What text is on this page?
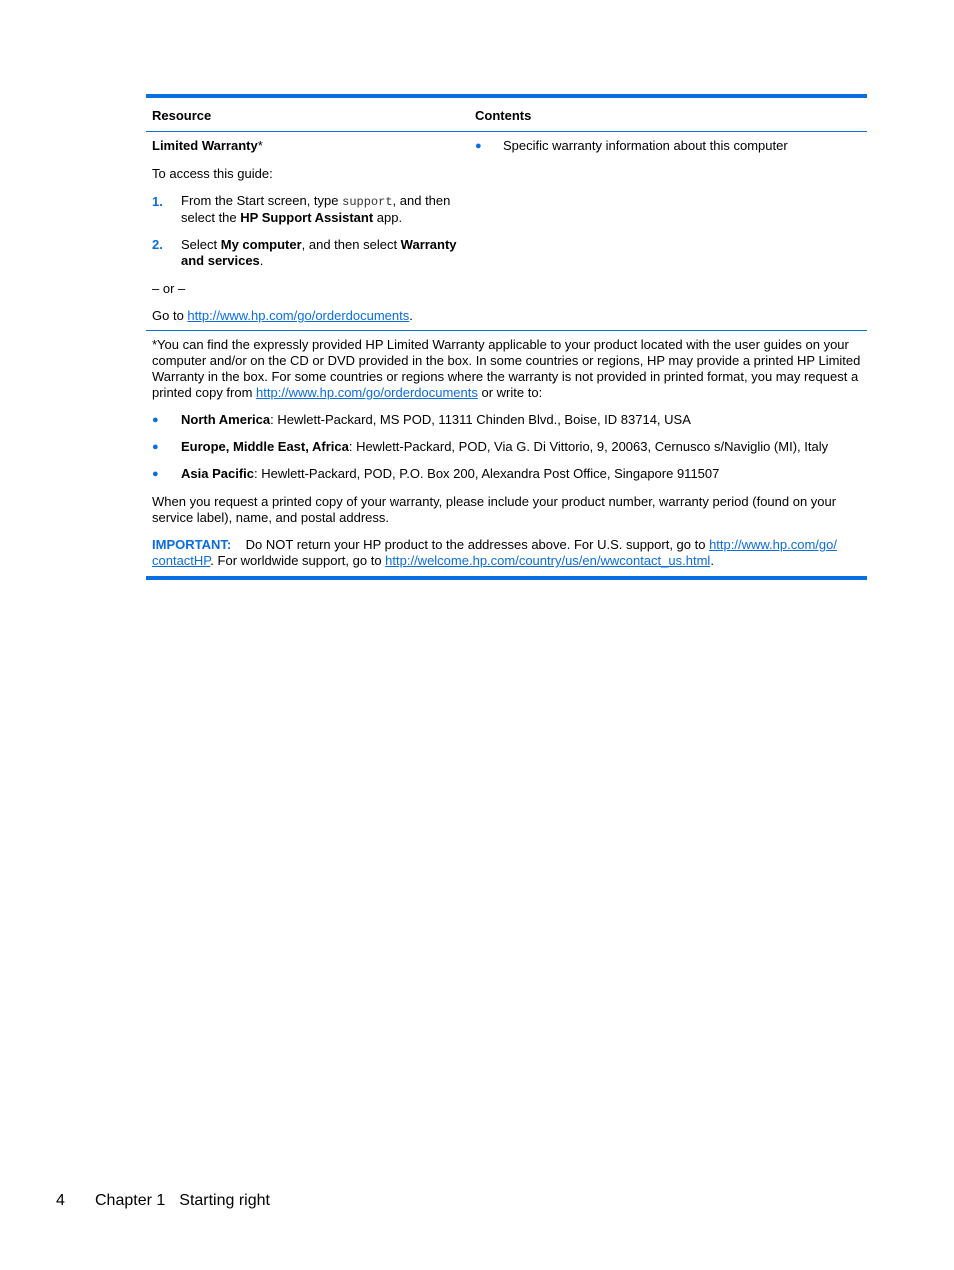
Resource	Contents

Limited Warranty*

To access this guide:

1. From the Start screen, type support, and then

select the HP Support Assistant app.

2. Select My computer, and then select Warranty

and services.

– or –

Go to http://www.hp.com/go/orderdocuments.

● Specific warranty information about this computer

*You can find the expressly provided HP Limited Warranty applicable to your product located with the user guides on your

computer and/or on the CD or DVD provided in the box. In some countries or regions, HP may provide a printed HP Limited

Warranty in the box. For some countries or regions where the warranty is not provided in printed format, you may request a

printed copy from http://www.hp.com/go/orderdocuments or write to:

● North America: Hewlett-Packard, MS POD, 11311 Chinden Blvd., Boise, ID 83714, USA

● Europe, Middle East, Africa: Hewlett-Packard, POD, Via G. Di Vittorio, 9, 20063, Cernusco s/Naviglio (MI), Italy

● Asia Pacific: Hewlett-Packard, POD, P.O. Box 200, Alexandra Post Office, Singapore 911507

When you request a printed copy of your warranty, please include your product number, warranty period (found on your

service label), name, and postal address.

IMPORTANT: Do NOT return your HP product to the addresses above. For U.S. support, go to http://www.hp.com/go/

contactHP. For worldwide support, go to http://welcome.hp.com/country/us/en/wwcontact_us.html.

4 Chapter 1 Starting right
